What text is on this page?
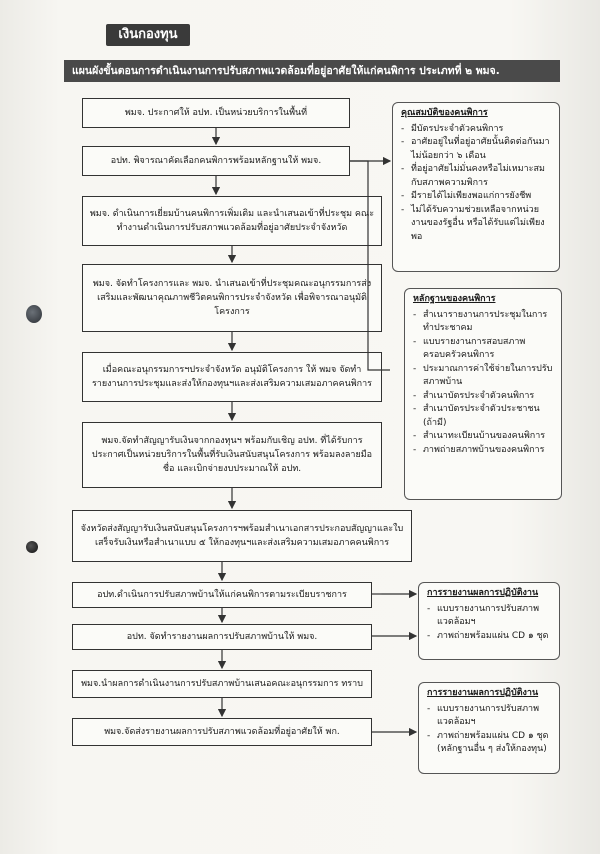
เงินกองทุน
แผนผังขั้นตอนการดำเนินงานการปรับสภาพแวดล้อมที่อยู่อาศัยให้แก่คนพิการ ประเภทที่ ๒ พมจ.
พมจ. ประกาศให้ อปท. เป็นหน่วยบริการในพื้นที่
อปท. พิจารณาคัดเลือกคนพิการพร้อมหลักฐานให้ พมจ.
พมจ. ดำเนินการเยี่ยมบ้านคนพิการเพิ่มเติม และนำเสนอเข้าที่ประชุม คณะทำงานดำเนินการปรับสภาพแวดล้อมที่อยู่อาศัยประจำจังหวัด
พมจ. จัดทำโครงการและ พมจ. นำเสนอเข้าที่ประชุมคณะอนุกรรมการส่งเสริมและพัฒนาคุณภาพชีวิตคนพิการประจำจังหวัด เพื่อพิจารณาอนุมัติโครงการ
เมื่อคณะอนุกรรมการฯประจำจังหวัด อนุมัติโครงการ ให้ พมจ จัดทำรายงานการประชุมและส่งให้กองทุนฯและส่งเสริมความเสมอภาคคนพิการ
พมจ.จัดทำสัญญารับเงินจากกองทุนฯ พร้อมกับเชิญ อปท. ที่ได้รับการประกาศเป็นหน่วยบริการในพื้นที่รับเงินสนับสนุนโครงการ พร้อมลงลายมือชื่อ และเบิกจ่ายงบประมาณให้ อปท.
จังหวัดส่งสัญญารับเงินสนับสนุนโครงการฯพร้อมสำเนาเอกสารประกอบสัญญาและใบเสร็จรับเงินหรือสำเนาแบบ ๕ ให้กองทุนฯและส่งเสริมความเสมอภาคคนพิการ
อปท.ดำเนินการปรับสภาพบ้านให้แก่คนพิการตามระเบียบราชการ
อปท. จัดทำรายงานผลการปรับสภาพบ้านให้ พมจ.
พมจ.นำผลการดำเนินงานการปรับสภาพบ้านเสนอคณะอนุกรรมการ ทราบ
พมจ.จัดส่งรายงานผลการปรับสภาพแวดล้อมที่อยู่อาศัยให้ พก.
คุณสมบัติของคนพิการ
- มีบัตรประจำตัวคนพิการ
- อาศัยอยู่ในที่อยู่อาศัยนั้นติดต่อกันมาไม่น้อยกว่า ๖ เดือน
- ที่อยู่อาศัยไม่มั่นคงหรือไม่เหมาะสมกับสภาพความพิการ
- มีรายได้ไม่เพียงพอแก่การยังชีพ
- ไม่ได้รับความช่วยเหลือจากหน่วยงานของรัฐอื่น หรือได้รับแต่ไม่เพียงพอ
หลักฐานของคนพิการ
- สำเนารายงานการประชุมในการทำประชาคม
- แบบรายงานการสอบสภาพครอบครัวคนพิการ
- ประมาณการค่าใช้จ่ายในการปรับสภาพบ้าน
- สำเนาบัตรประจำตัวคนพิการ
- สำเนาบัตรประจำตัวประชาชน (ถ้ามี)
- สำเนาทะเบียนบ้านของคนพิการ
- ภาพถ่ายสภาพบ้านของคนพิการ
การรายงานผลการปฏิบัติงาน
- แบบรายงานการปรับสภาพแวดล้อมฯ
- ภาพถ่ายพร้อมแผ่น CD ๑ ชุด
การรายงานผลการปฏิบัติงาน
- แบบรายงานการปรับสภาพแวดล้อมฯ
- ภาพถ่ายพร้อมแผ่น CD ๑ ชุด (หลักฐานอื่น ๆ ส่งให้กองทุน)
